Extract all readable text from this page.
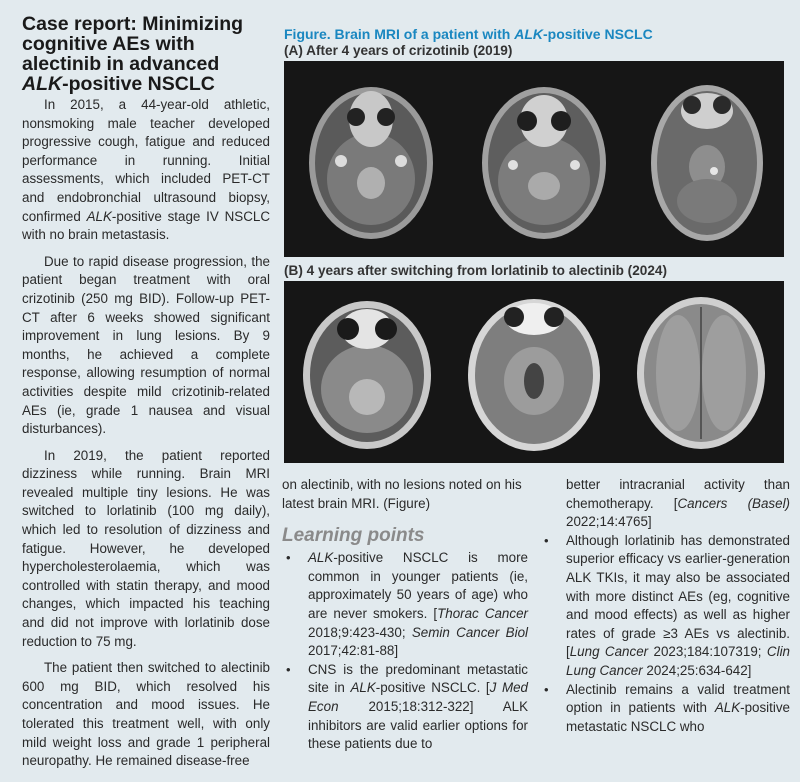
Case report: Minimizing
cognitive AEs with
alectinib in advanced
ALK-positive NSCLC

In 2015, a 44-year-old athletic, nonsmoking male teacher developed progressive cough, fatigue and reduced performance in running. Initial assessments, which included PET-CT and endobronchial ultrasound biopsy, confirmed ALK-positive stage IV NSCLC with no brain metastasis.

Due to rapid disease progression, the patient began treatment with oral crizotinib (250 mg BID). Follow-up PET-CT after 6 weeks showed significant improvement in lung lesions. By 9 months, he achieved a complete response, allowing resumption of normal activities despite mild crizotinib-related AEs (ie, grade 1 nausea and visual disturbances).

In 2019, the patient reported dizziness while running. Brain MRI revealed multiple tiny lesions. He was switched to lorlatinib (100 mg daily), which led to resolution of dizziness and fatigue. However, he developed hypercholesterolaemia, which was controlled with statin therapy, and mood changes, which impacted his teaching and did not improve with lorlatinib dose reduction to 75 mg.

The patient then switched to alectinib 600 mg BID, which resolved his concentration and mood issues. He tolerated this treatment well, with only mild weight loss and grade 1 peripheral neuropathy. He remained disease-free

Figure. Brain MRI of a patient with ALK-positive NSCLC
(A) After 4 years of crizotinib (2019)
(B) 4 years after switching from lorlatinib to alectinib (2024)

on alectinib, with no lesions noted on his latest brain MRI. (Figure)

Learning points
• ALK-positive NSCLC is more common in younger patients (ie, approximately 50 years of age) who are never smokers. [Thorac Cancer 2018;9:423-430; Semin Cancer Biol 2017;42:81-88]
• CNS is the predominant metastatic site in ALK-positive NSCLC. [J Med Econ 2015;18:312-322] ALK inhibitors are valid earlier options for these patients due to
better intracranial activity than chemotherapy. [Cancers (Basel) 2022;14:4765]
• Although lorlatinib has demonstrated superior efficacy vs earlier-generation ALK TKIs, it may also be associated with more distinct AEs (eg, cognitive and mood effects) as well as higher rates of grade ≥3 AEs vs alectinib. [Lung Cancer 2023;184:107319; Clin Lung Cancer 2024;25:634-642]
• Alectinib remains a valid treatment option in patients with ALK-positive metastatic NSCLC who
